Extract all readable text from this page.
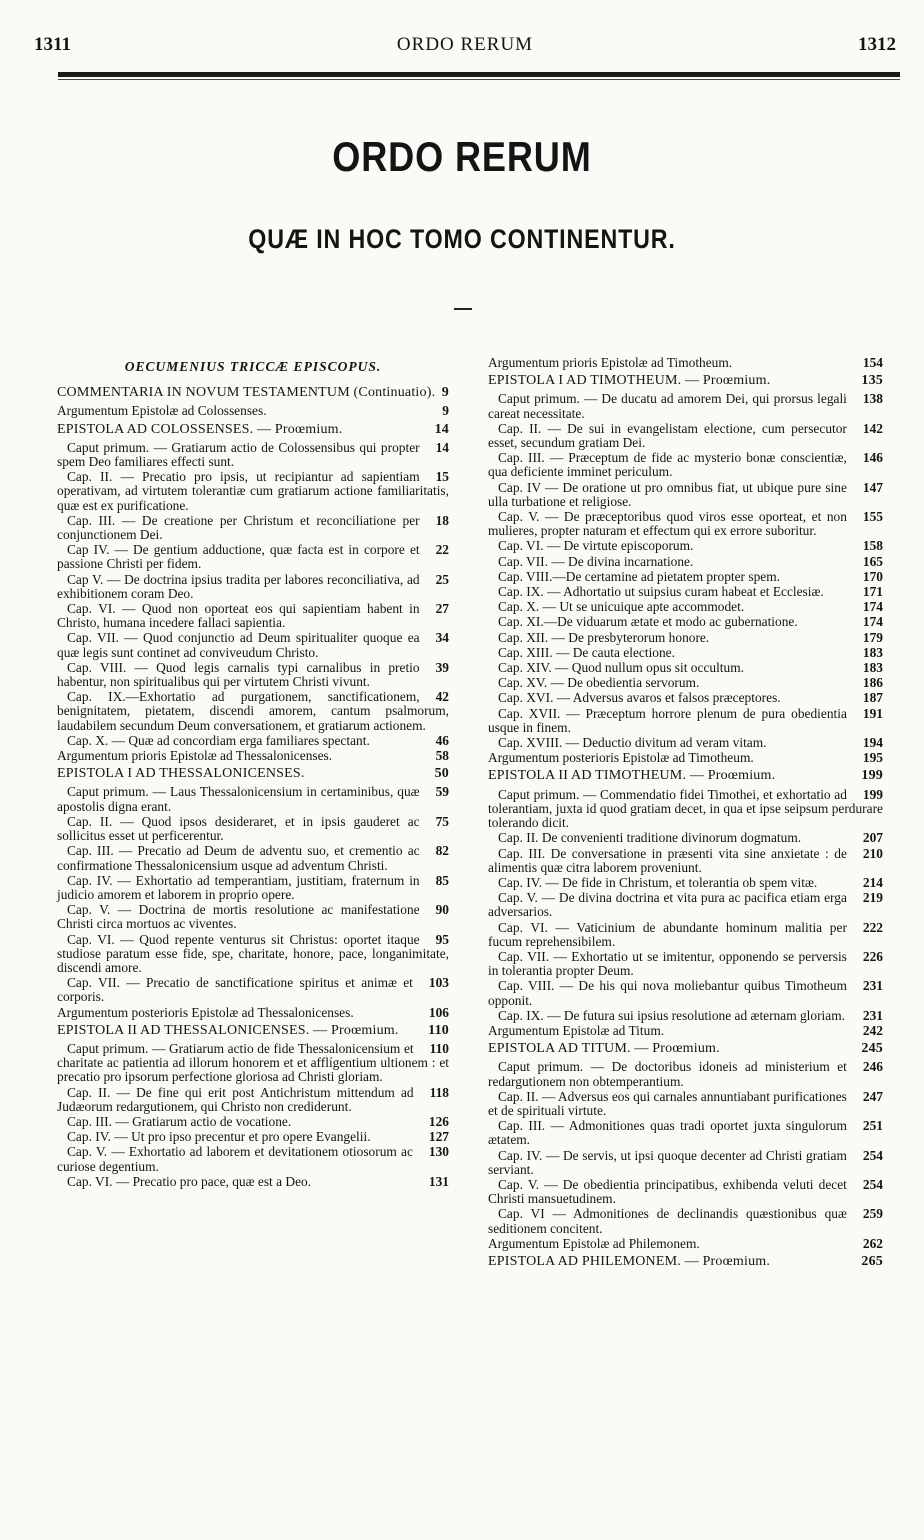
1311	ORDO RERUM	1312
ORDO RERUM
QUÆ IN HOC TOMO CONTINENTUR.
OECUMENIUS TRICCÆ EPISCOPUS.
9
COMMENTARIA IN NOVUM TESTAMENTUM (Continuatio).
9
Argumentum Epistolæ ad Colossenses.
14
EPISTOLA AD COLOSSENSES. — Proœmium.
14
Caput primum. — Gratiarum actio de Colossensibus qui propter spem Deo familiares effecti sunt.
15
Cap. II. — Precatio pro ipsis, ut recipiantur ad sapientiam operativam, ad virtutem tolerantiæ cum gratiarum actione familiaritatis, quæ est ex purificatione.
18
Cap. III. — De creatione per Christum et reconciliatione per conjunctionem Dei.
22
Cap IV. — De gentium adductione, quæ facta est in corpore et passione Christi per fidem.
25
Cap V. — De doctrina ipsius tradita per labores reconciliativa, ad exhibitionem coram Deo.
27
Cap. VI. — Quod non oporteat eos qui sapientiam habent in Christo, humana incedere fallaci sapientia.
34
Cap. VII. — Quod conjunctio ad Deum spiritualiter quoque ea quæ legis sunt continet ad conviveudum Christo.
39
Cap. VIII. — Quod legis carnalis typi carnalibus in pretio habentur, non spiritualibus qui per virtutem Christi vivunt.
42
Cap. IX.—Exhortatio ad purgationem, sanctificationem, benignitatem, pietatem, discendi amorem, cantum psalmorum, laudabilem secundum Deum conversationem, et gratiarum actionem.
46
Cap. X. — Quæ ad concordiam erga familiares spectant.
58
Argumentum prioris Epistolæ ad Thessalonicenses.
50
EPISTOLA I AD THESSALONICENSES.
59
Caput primum. — Laus Thessalonicensium in certaminibus, quæ apostolis digna erant.
75
Cap. II. — Quod ipsos desideraret, et in ipsis gauderet ac sollicitus esset ut perficerentur.
82
Cap. III. — Precatio ad Deum de adventu suo, et crementio ac confirmatione Thessalonicensium usque ad adventum Christi.
85
Cap. IV. — Exhortatio ad temperantiam, justitiam, fraternum in judicio amorem et laborem in proprio opere.
90
Cap. V. — Doctrina de mortis resolutione ac manifestatione Christi circa mortuos ac viventes.
95
Cap. VI. — Quod repente venturus sit Christus: oportet itaque studiose paratum esse fide, spe, charitate, honore, pace, longanimitate, discendi amore.
103
Cap. VII. — Precatio de sanctificatione spiritus et animæ et corporis.
106
Argumentum posterioris Epistolæ ad Thessalonicenses.
110
EPISTOLA II AD THESSALONICENSES. — Proœmium.
110
Caput primum. — Gratiarum actio de fide Thessalonicensium et charitate ac patientia ad illorum honorem et et afflígentium ultionem : et precatio pro ipsorum perfectione gloriosa ad Christi gloriam.
118
Cap. II. — De fine qui erit post Antichristum mittendum ad Judæorum redargutionem, qui Christo non crediderunt.
126
Cap. III. — Gratiarum actio de vocatione.
127
Cap. IV. — Ut pro ipso precentur et pro opere Evangelii.
130
Cap. V. — Exhortatio ad laborem et devitationem otiosorum ac curiose degentium.
131
Cap. VI. — Precatio pro pace, quæ est a Deo.
154
Argumentum prioris Epistolæ ad Timotheum.
135
EPISTOLA I AD TIMOTHEUM. — Proœmium.
138
Caput primum. — De ducatu ad amorem Dei, qui prorsus legali careat necessitate.
142
Cap. II. — De sui in evangelistam electione, cum persecutor esset, secundum gratiam Dei.
146
Cap. III. — Præceptum de fide ac mysterio bonæ conscientiæ, qua deficiente imminet periculum.
147
Cap. IV — De oratione ut pro omnibus fiat, ut ubique pure sine ulla turbatione et religiose.
155
Cap. V. — De præceptoribus quod viros esse oporteat, et non mulieres, propter naturam et effectum qui ex errore suboritur.
158
Cap. VI. — De virtute episcoporum.
165
Cap. VII. — De divina incarnatione.
170
Cap. VIII.—De certamine ad pietatem propter spem.
171
Cap. IX. — Adhortatio ut suipsius curam habeat et Ecclesiæ.
174
Cap. X. — Ut se unicuique apte accommodet.
174
Cap. XI.—De viduarum ætate et modo ac gubernatione.
179
Cap. XII. — De presbyterorum honore.
183
Cap. XIII. — De cauta electione.
183
Cap. XIV. — Quod nullum opus sit occultum.
186
Cap. XV. — De obedientia servorum.
187
Cap. XVI. — Adversus avaros et falsos præceptores.
191
Cap. XVII. — Præceptum horrore plenum de pura obedientia usque in finem.
194
Cap. XVIII. — Deductio divitum ad veram vitam.
195
Argumentum posterioris Epistolæ ad Timotheum.
199
EPISTOLA II AD TIMOTHEUM. — Proœmium.
199
Caput primum. — Commendatio fidei Timothei, et exhortatio ad tolerantiam, juxta id quod gratiam decet, in qua et ipse seipsum perdurare tolerando dicit.
207
Cap. II. De convenienti traditione divinorum dogmatum.
210
Cap. III. De conversatione in præsenti vita sine anxietate : de alimentis quæ citra laborem proveniunt.
214
Cap. IV. — De fide in Christum, et tolerantia ob spem vitæ.
219
Cap. V. — De divina doctrina et vita pura ac pacifica etiam erga adversarios.
222
Cap. VI. — Vaticinium de abundante hominum malitia per fucum reprehensibilem.
226
Cap. VII. — Exhortatio ut se imitentur, opponendo se perversis in tolerantia propter Deum.
231
Cap. VIII. — De his qui nova moliebantur quibus Timotheum opponit.
231
Cap. IX. — De futura sui ipsius resolutione ad æternam gloriam.
242
Argumentum Epistolæ ad Titum.
245
EPISTOLA AD TITUM. — Proœmium.
246
Caput primum. — De doctoribus idoneis ad ministerium et redargutionem non obtemperantium.
247
Cap. II. — Adversus eos qui carnales annuntiabant purificationes et de spirituali virtute.
251
Cap. III. — Admonitiones quas tradi oportet juxta singulorum ætatem.
254
Cap. IV. — De servis, ut ipsi quoque decenter ad Christi gratiam serviant.
254
Cap. V. — De obedientia principatibus, exhibenda veluti decet Christi mansuetudinem.
259
Cap. VI — Admonitiones de declinandis quæstionibus quæ seditionem concitent.
262
Argumentum Epistolæ ad Philemonem.
265
EPISTOLA AD PHILEMONEM. — Proœmium.
